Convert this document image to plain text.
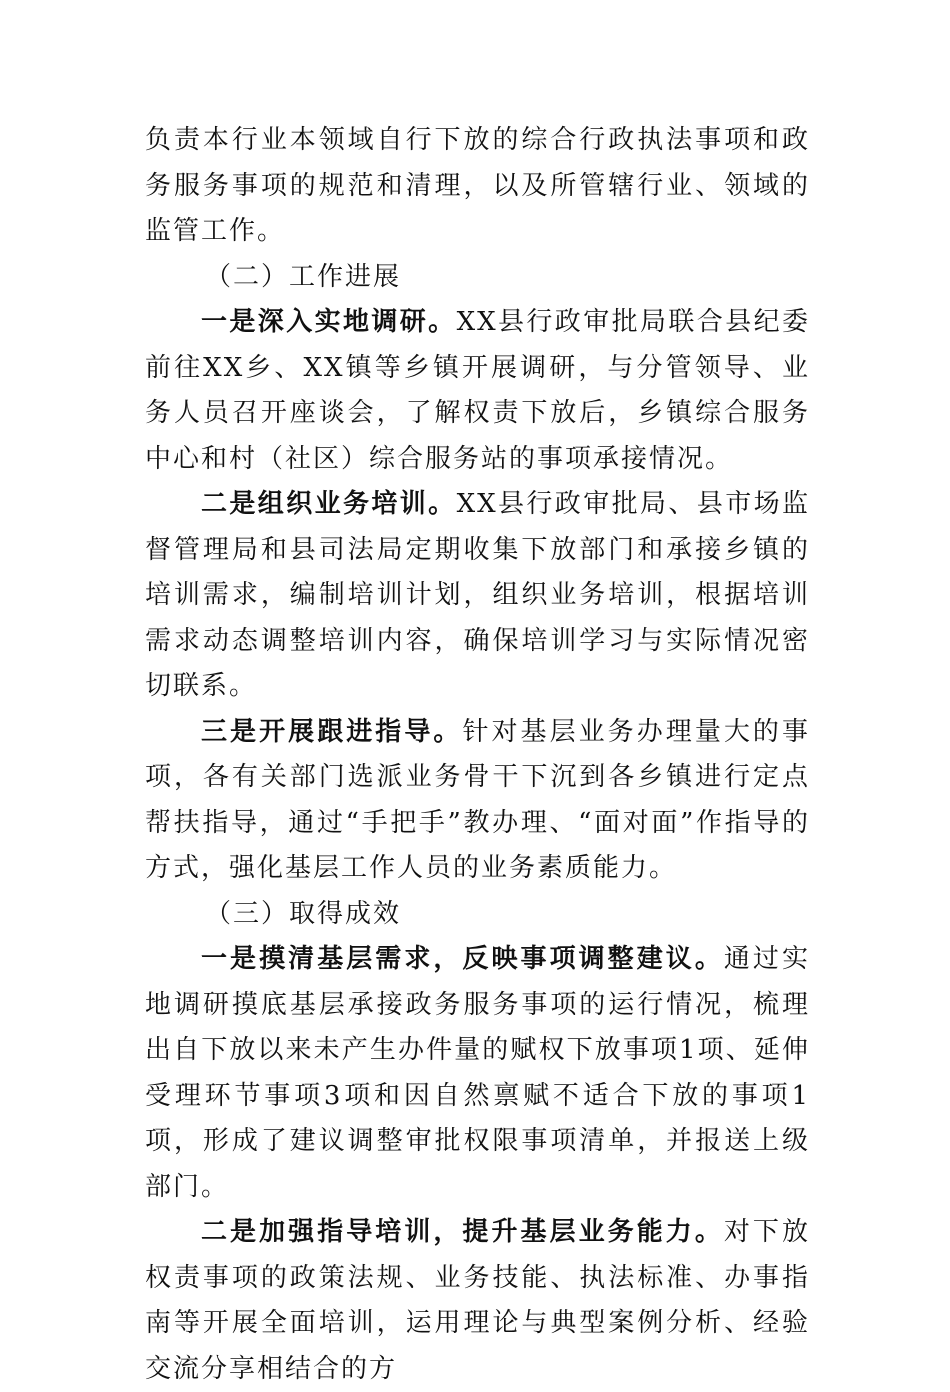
负责本行业本领域自行下放的综合行政执法事项和政务服务事项的规范和清理，以及所管辖行业、领域的监管工作。

（二）工作进展

一是深入实地调研。XX县行政审批局联合县纪委前往XX乡、XX镇等乡镇开展调研，与分管领导、业务人员召开座谈会，了解权责下放后，乡镇综合服务中心和村（社区）综合服务站的事项承接情况。

二是组织业务培训。XX县行政审批局、县市场监督管理局和县司法局定期收集下放部门和承接乡镇的培训需求，编制培训计划，组织业务培训，根据培训需求动态调整培训内容，确保培训学习与实际情况密切联系。

三是开展跟进指导。针对基层业务办理量大的事项，各有关部门选派业务骨干下沉到各乡镇进行定点帮扶指导，通过“手把手”教办理、“面对面”作指导的方式，强化基层工作人员的业务素质能力。

（三）取得成效

一是摸清基层需求，反映事项调整建议。通过实地调研摸底基层承接政务服务事项的运行情况，梳理出自下放以来未产生办件量的赋权下放事项1项、延伸受理环节事项3项和因自然禀赋不适合下放的事项1项，形成了建议调整审批权限事项清单，并报送上级部门。

二是加强指导培训，提升基层业务能力。对下放权责事项的政策法规、业务技能、执法标准、办事指南等开展全面培训，运用理论与典型案例分析、经验交流分享相结合的方
